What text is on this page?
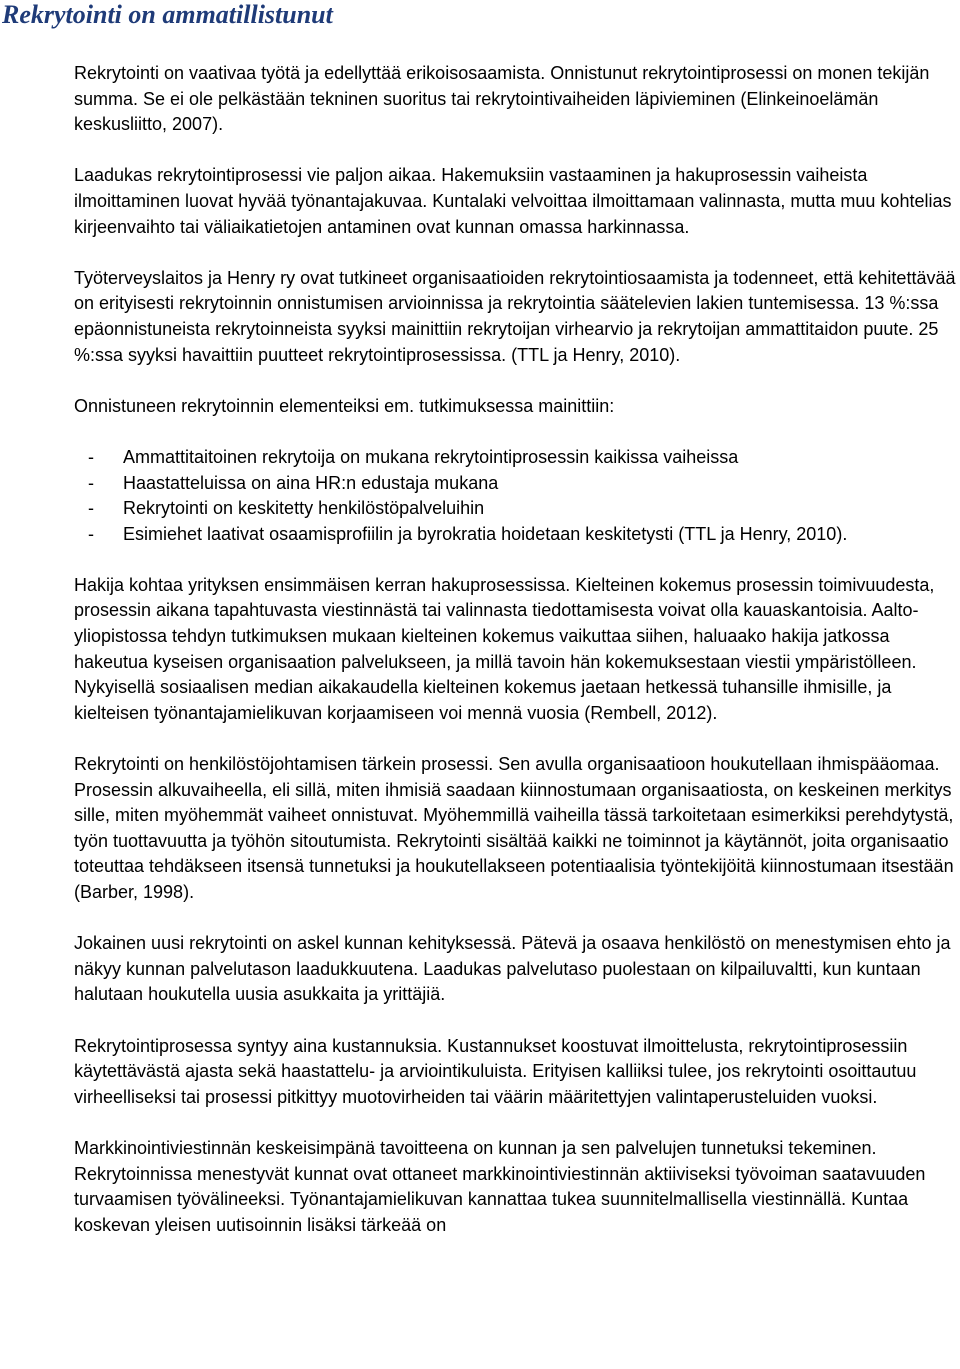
Rekrytointi on ammatillistunut

Rekrytointi on vaativaa työtä ja edellyttää erikoisosaamista. Onnistunut rekrytointiprosessi on monen tekijän summa. Se ei ole pelkästään tekninen suoritus tai rekrytointivaiheiden läpivieminen (Elinkeinoelämän keskusliitto, 2007).

Laadukas rekrytointiprosessi vie paljon aikaa. Hakemuksiin vastaaminen ja hakuprosessin vaiheista ilmoittaminen luovat hyvää työnantajakuvaa. Kuntalaki velvoittaa ilmoittamaan valinnasta, mutta muu kohtelias kirjeenvaihto tai väliaikatietojen antaminen ovat kunnan omassa harkinnassa.

Työterveyslaitos ja Henry ry ovat tutkineet organisaatioiden rekrytointiosaamista ja todenneet, että kehitettävää on erityisesti rekrytoinnin onnistumisen arvioinnissa ja rekrytointia säätelevien lakien tuntemisessa. 13 %:ssa epäonnistuneista rekrytoinneista syyksi mainittiin rekrytoijan virhearvio ja rekrytoijan ammattitaidon puute. 25 %:ssa syyksi havaittiin puutteet rekrytointiprosessissa. (TTL ja Henry, 2010).

Onnistuneen rekrytoinnin elementeiksi em. tutkimuksessa mainittiin:

- Ammattitaitoinen rekrytoija on mukana rekrytointiprosessin kaikissa vaiheissa
- Haastatteluissa on aina HR:n edustaja mukana
- Rekrytointi on keskitetty henkilöstöpalveluihin
- Esimiehet laativat osaamisprofiilin ja byrokratia hoidetaan keskitetysti (TTL ja Henry, 2010).

Hakija kohtaa yrityksen ensimmäisen kerran hakuprosessissa. Kielteinen kokemus prosessin toimivuudesta, prosessin aikana tapahtuvasta viestinnästä tai valinnasta tiedottamisesta voivat olla kauaskantoisia. Aalto-yliopistossa tehdyn tutkimuksen mukaan kielteinen kokemus vaikuttaa siihen, haluaako hakija jatkossa hakeutua kyseisen organisaation palvelukseen, ja millä tavoin hän kokemuksestaan viestii ympäristölleen. Nykyisellä sosiaalisen median aikakaudella kielteinen kokemus jaetaan hetkessä tuhansille ihmisille, ja kielteisen työnantajamielikuvan korjaamiseen voi mennä vuosia (Rembell, 2012).

Rekrytointi on henkilöstöjohtamisen tärkein prosessi. Sen avulla organisaatioon houkutellaan ihmispääomaa. Prosessin alkuvaiheella, eli sillä, miten ihmisiä saadaan kiinnostumaan organisaatiosta, on keskeinen merkitys sille, miten myöhemmät vaiheet onnistuvat. Myöhemmillä vaiheilla tässä tarkoitetaan esimerkiksi perehdytystä, työn tuottavuutta ja työhön sitoutumista. Rekrytointi sisältää kaikki ne toiminnot ja käytännöt, joita organisaatio toteuttaa tehdäkseen itsensä tunnetuksi ja houkutellakseen potentiaalisia työntekijöitä kiinnostumaan itsestään (Barber, 1998).

Jokainen uusi rekrytointi on askel kunnan kehityksessä. Pätevä ja osaava henkilöstö on menestymisen ehto ja näkyy kunnan palvelutason laadukkuutena. Laadukas palvelutaso puolestaan on kilpailuvaltti, kun kuntaan halutaan houkutella uusia asukkaita ja yrittäjiä.

Rekrytointiprosessa syntyy aina kustannuksia. Kustannukset koostuvat ilmoittelusta, rekrytointiprosessiin käytettävästä ajasta sekä haastattelu- ja arviointikuluista. Erityisen kalliiksi tulee, jos rekrytointi osoittautuu virheelliseksi tai prosessi pitkittyy muotovirheiden tai väärin määritettyjen valintaperusteluiden vuoksi.

Markkinointiviestinnän keskeisimpänä tavoitteena on kunnan ja sen palvelujen tunnetuksi tekeminen. Rekrytoinnissa menestyvät kunnat ovat ottaneet markkinointiviestinnän aktiiviseksi työvoiman saatavuuden turvaamisen työvälineeksi. Työnantajamielikuvan kannattaa tukea suunnitelmallisella viestinnällä. Kuntaa koskevan yleisen uutisoinnin lisäksi tärkeää on
